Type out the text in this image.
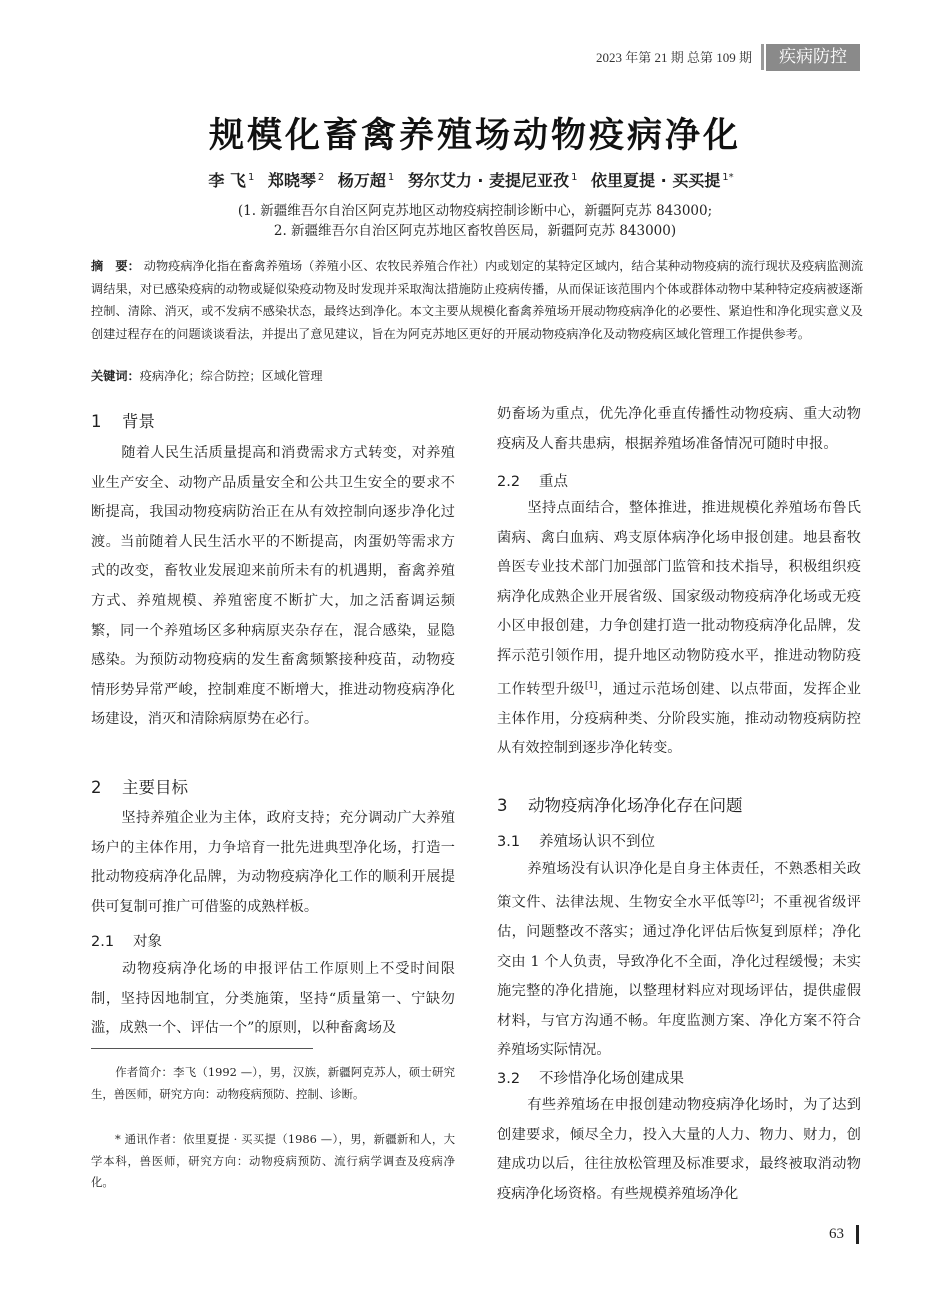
2023 年第 21 期 总第 109 期	疾病防控
规模化畜禽养殖场动物疫病净化
李 飞 $^1$ 郑晓琴 $^2$ 杨万超 $^1$ 努尔艾力 · 麦提尼亚孜 $^1$ 依里夏提 · 买买提 $^{1*}$
(1. 新疆维吾尔自治区阿克苏地区动物疫病控制诊断中心，新疆阿克苏 843000;
2. 新疆维吾尔自治区阿克苏地区畜牧兽医局，新疆阿克苏 843000)
摘　要： 动物疫病净化指在畜禽养殖场（养殖小区、农牧民养殖合作社）内或划定的某特定区域内，结合某种动物疫病的流行现状及疫病监测流调结果，对已感染疫病的动物或疑似染疫动物及时发现并采取淘汰措施防止疫病传播，从而保证该范围内个体或群体动物中某种特定疫病被逐渐控制、清除、消灭，或不发病不感染状态，最终达到净化。本文主要从规模化畜禽养殖场开展动物疫病净化的必要性、紧迫性和净化现实意义及创建过程存在的问题谈谈看法，并提出了意见建议，旨在为阿克苏地区更好的开展动物疫病净化及动物疫病区域化管理工作提供参考。
关键词：疫病净化；综合防控；区域化管理
1 背景
随着人民生活质量提高和消费需求方式转变，对养殖业生产安全、动物产品质量安全和公共卫生安全的要求不断提高，我国动物疫病防治正在从有效控制向逐步净化过渡。当前随着人民生活水平的不断提高，肉蛋奶等需求方式的改变，畜牧业发展迎来前所未有的机遇期，畜禽养殖方式、养殖规模、养殖密度不断扩大，加之活畜调运频繁，同一个养殖场区多种病原夹杂存在，混合感染，显隐感染。为预防动物疫病的发生畜禽频繁接种疫苗，动物疫情形势异常严峻，控制难度不断增大，推进动物疫病净化场建设，消灭和清除病原势在必行。
2 主要目标
坚持养殖企业为主体，政府支持；充分调动广大养殖场户的主体作用，力争培育一批先进典型净化场，打造一批动物疫病净化品牌，为动物疫病净化工作的顺利开展提供可复制可推广可借鉴的成熟样板。
2.1 对象
动物疫病净化场的申报评估工作原则上不受时间限制，坚持因地制宜，分类施策，坚持“质量第一、宁缺勿滥，成熟一个、评估一个”的原则，以种畜禽场及
作者简介：李飞（1992 —），男，汉族，新疆阿克苏人，硕士研究生，兽医师，研究方向：动物疫病预防、控制、诊断。
* 通讯作者：依里夏提 · 买买提（1986 —），男，新疆新和人，大学本科，兽医师，研究方向：动物疫病预防、流行病学调查及疫病净化。
奶畜场为重点，优先净化垂直传播性动物疫病、重大动物疫病及人畜共患病，根据养殖场准备情况可随时申报。
2.2 重点
坚持点面结合，整体推进，推进规模化养殖场布鲁氏菌病、禽白血病、鸡支原体病净化场申报创建。地县畜牧兽医专业技术部门加强部门监管和技术指导，积极组织疫病净化成熟企业开展省级、国家级动物疫病净化场或无疫小区申报创建，力争创建打造一批动物疫病净化品牌，发挥示范引领作用，提升地区动物防疫水平，推进动物防疫工作转型升级[1]，通过示范场创建、以点带面，发挥企业主体作用，分疫病种类、分阶段实施，推动动物疫病防控从有效控制到逐步净化转变。
3 动物疫病净化场净化存在问题
3.1 养殖场认识不到位
养殖场没有认识净化是自身主体责任，不熟悉相关政策文件、法律法规、生物安全水平低等[2]；不重视省级评估，问题整改不落实；通过净化评估后恢复到原样；净化交由 1 个人负责，导致净化不全面，净化过程缓慢；未实施完整的净化措施，以整理材料应对现场评估，提供虚假材料，与官方沟通不畅。年度监测方案、净化方案不符合养殖场实际情况。
3.2 不珍惜净化场创建成果
有些养殖场在申报创建动物疫病净化场时，为了达到创建要求，倾尽全力，投入大量的人力、物力、财力，创建成功以后，往往放松管理及标准要求，最终被取消动物疫病净化场资格。有些规模养殖场净化
63
